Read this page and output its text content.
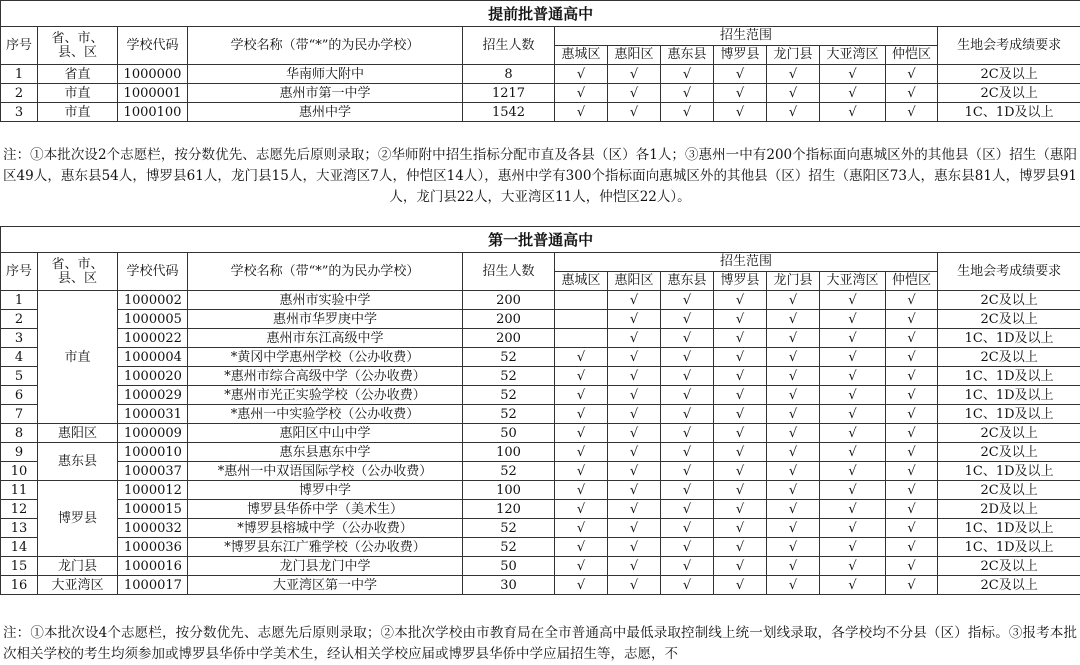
提前批普通高中												
序号	省、市、县、区	学校代码	学校名称（带“*”的为民办学校）	招生人数	招生范围							生地会考成绩要求
					惠城区	惠阳区	惠东县	博罗县	龙门县	大亚湾区	仲恺区	
1	省直	1000000	华南师大附中	8	√	√	√	√	√	√	√	2C及以上
2	市直	1000001	惠州市第一中学	1217	√	√	√	√	√	√	√	2C及以上
3	市直	1000100	惠州中学	1542	√	√	√	√	√	√	√	1C、1D及以上
注：①本批次设2个志愿栏，按分数优先、志愿先后原则录取；②华师附中招生指标分配市直及各县（区）各1人；③惠州一中有200个指标面向惠城区外的其他县（区）招生（惠阳区49人，惠东县54人，博罗县61人，龙门县15人，大亚湾区7人，仲恺区14人），惠州中学有300个指标面向惠城区外的其他县（区）招生（惠阳区73人，惠东县81人，博罗县91人，龙门县22人，大亚湾区11人，仲恺区22人）。
第一批普通高中												
序号	省、市、县、区	学校代码	学校名称（带“*”的为民办学校）	招生人数	招生范围							生地会考成绩要求
					惠城区	惠阳区	惠东县	博罗县	龙门县	大亚湾区	仲恺区	
1	市直	1000002	惠州市实验中学	200		√	√	√	√	√	√	2C及以上
2		1000005	惠州市华罗庚中学	200		√	√	√	√	√	√	2C及以上
3		1000022	惠州市东江高级中学	200		√	√	√	√	√	√	1C、1D及以上
4		1000004	*黄冈中学惠州学校（公办收费）	52	√	√	√	√	√	√	√	2C及以上
5		1000020	*惠州市综合高级中学（公办收费）	52	√	√	√	√	√	√	√	1C、1D及以上
6		1000029	*惠州市光正实验学校（公办收费）	52	√	√	√	√	√	√	√	1C、1D及以上
7		1000031	*惠州一中实验学校（公办收费）	52	√	√	√	√	√	√	√	1C、1D及以上
8	惠阳区	1000009	惠阳区中山中学	50	√	√	√	√	√	√	√	2C及以上
9	惠东县	1000010	惠东县惠东中学	100	√	√	√	√	√	√	√	2C及以上
10		1000037	*惠州一中双语国际学校（公办收费）	52	√	√	√	√	√	√	√	1C、1D及以上
11	博罗县	1000012	博罗中学	100	√	√	√	√	√	√	√	2C及以上
12		1000015	博罗县华侨中学（美术生）	120	√	√	√	√	√	√	√	2D及以上
13		1000032	*博罗县榕城中学（公办收费）	52	√	√	√	√	√	√	√	1C、1D及以上
14		1000036	*博罗县东江广雅学校（公办收费）	52	√	√	√	√	√	√	√	1C、1D及以上
15	龙门县	1000016	龙门县龙门中学	50	√	√	√	√	√	√	√	2C及以上
16	大亚湾区	1000017	大亚湾区第一中学	30	√	√	√	√	√	√	√	2C及以上
注：①本批次设4个志愿栏，按分数优先、志愿先后原则录取；②本批次学校由市教育局在全市普通高中最低录取控制线上统一划线录取，各学校均不分县（区）指标。③报考本批次相关学校的考生均须参加或博罗县华侨中学美术生，经认相关学校应届或博罗县华侨中学应届招生等，志愿，不
